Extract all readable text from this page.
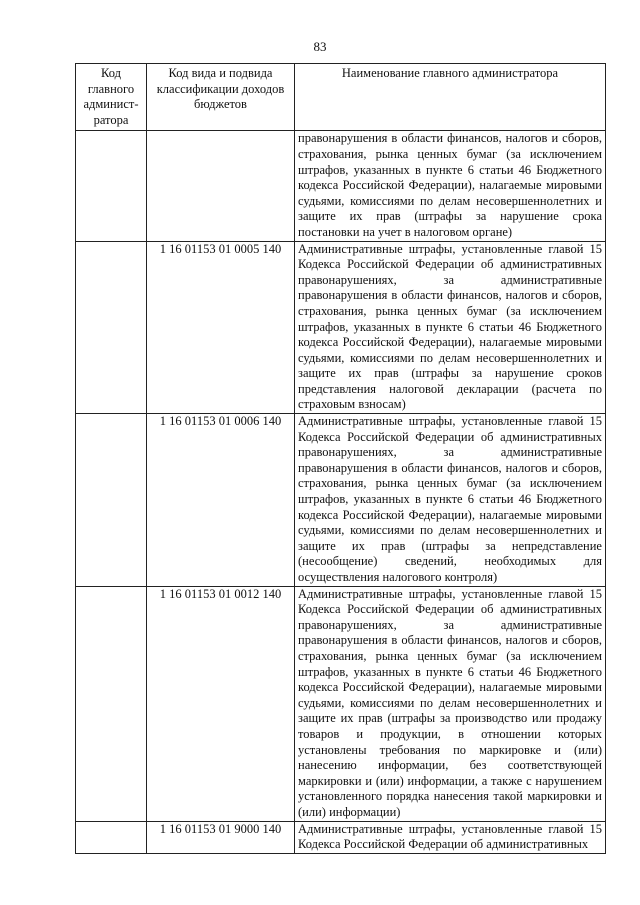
83
Код главного админист-ратора	Код вида и подвида классификации доходов бюджетов	Наименование главного администратора
		правонарушения в области финансов, налогов и сборов, страхования, рынка ценных бумаг (за исключением штрафов, указанных в пункте 6 статьи 46 Бюджетного кодекса Российской Федерации), налагаемые мировыми судьями, комиссиями по делам несовершеннолетних и защите их прав (штрафы за нарушение срока постановки на учет в налоговом органе)
	1 16 01153 01 0005 140	Административные штрафы, установленные главой 15 Кодекса Российской Федерации об административных правонарушениях, за административные правонарушения в области финансов, налогов и сборов, страхования, рынка ценных бумаг (за исключением штрафов, указанных в пункте 6 статьи 46 Бюджетного кодекса Российской Федерации), налагаемые мировыми судьями, комиссиями по делам несовершеннолетних и защите их прав (штрафы за нарушение сроков представления налоговой декларации (расчета по страховым взносам)
	1 16 01153 01 0006 140	Административные штрафы, установленные главой 15 Кодекса Российской Федерации об административных правонарушениях, за административные правонарушения в области финансов, налогов и сборов, страхования, рынка ценных бумаг (за исключением штрафов, указанных в пункте 6 статьи 46 Бюджетного кодекса Российской Федерации), налагаемые мировыми судьями, комиссиями по делам несовершеннолетних и защите их прав (штрафы за непредставление (несообщение) сведений, необходимых для осуществления налогового контроля)
	1 16 01153 01 0012 140	Административные штрафы, установленные главой 15 Кодекса Российской Федерации об административных правонарушениях, за административные правонарушения в области финансов, налогов и сборов, страхования, рынка ценных бумаг (за исключением штрафов, указанных в пункте 6 статьи 46 Бюджетного кодекса Российской Федерации), налагаемые мировыми судьями, комиссиями по делам несовершеннолетних и защите их прав (штрафы за производство или продажу товаров и продукции, в отношении которых установлены требования по маркировке и (или) нанесению информации, без соответствующей маркировки и (или) информации, а также с нарушением установленного порядка нанесения такой маркировки и (или) информации)
	1 16 01153 01 9000 140	Административные штрафы, установленные главой 15 Кодекса Российской Федерации об административных
